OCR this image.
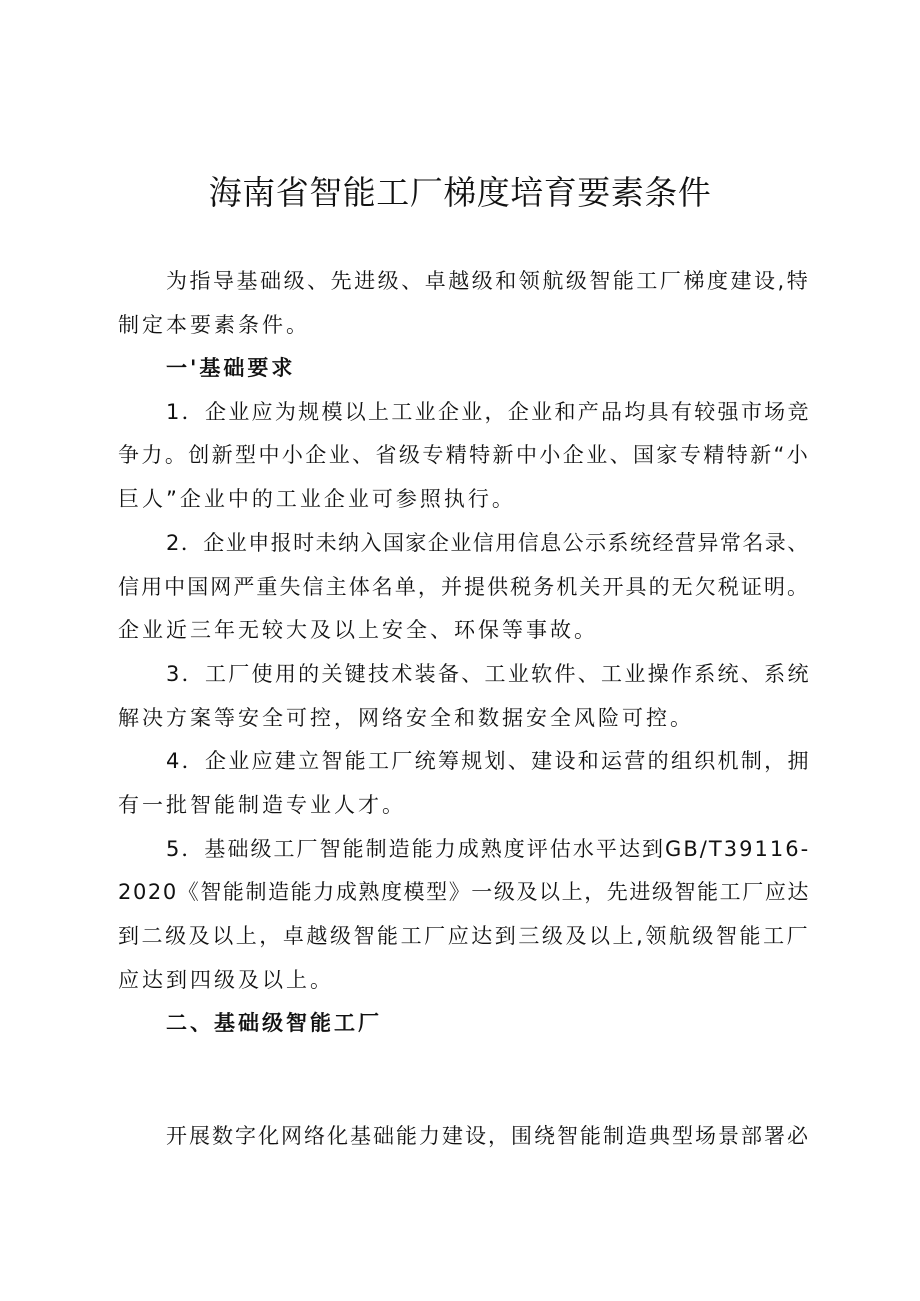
海南省智能工厂梯度培育要素条件
为指导基础级、先进级、卓越级和领航级智能工厂梯度建设,特
制定本要素条件。
一'基础要求
1．企业应为规模以上工业企业，企业和产品均具有较强市场竞
争力。创新型中小企业、省级专精特新中小企业、国家专精特新“小
巨人”企业中的工业企业可参照执行。
2．企业申报时未纳入国家企业信用信息公示系统经营异常名录、
信用中国网严重失信主体名单，并提供税务机关开具的无欠税证明。
企业近三年无较大及以上安全、环保等事故。
3．工厂使用的关键技术装备、工业软件、工业操作系统、系统
解决方案等安全可控，网络安全和数据安全风险可控。
4．企业应建立智能工厂统筹规划、建设和运营的组织机制，拥
有一批智能制造专业人才。
5．基础级工厂智能制造能力成熟度评估水平达到GB/T39116-
2020《智能制造能力成熟度模型》一级及以上，先进级智能工厂应达
到二级及以上，卓越级智能工厂应达到三级及以上,领航级智能工厂
应达到四级及以上。
二、基础级智能工厂
开展数字化网络化基础能力建设，围绕智能制造典型场景部署必
